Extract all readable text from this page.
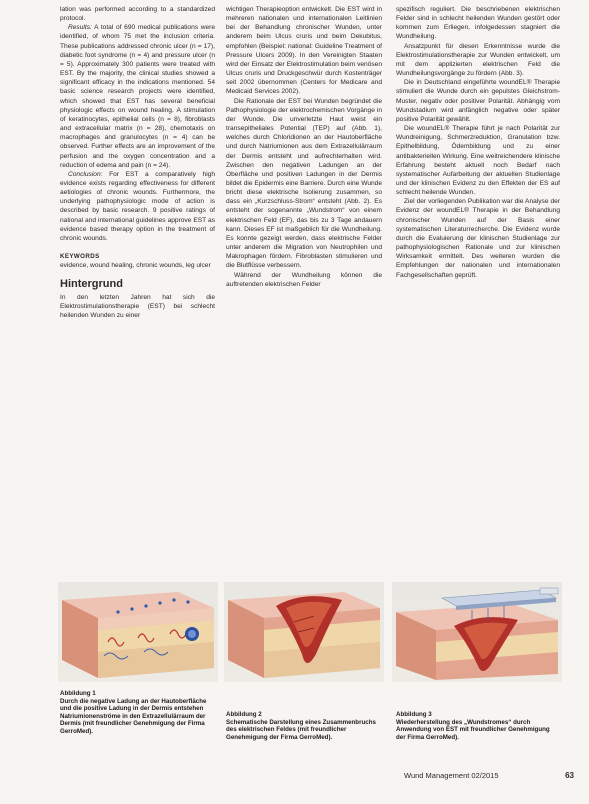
lation was performed according to a standardized protocol.

Results: A total of 690 medical publications were identified, of whom 75 met the inclusion criteria. These publications addressed chronic ulcer (n = 17), diabetic foot syndrome (n = 4) and pressure ulcer (n = 5). Approximately 300 patients were treated with EST. By the majority, the clinical studies showed a significant efficacy in the indications mentioned. 54 basic science research projects were identified, which showed that EST has several beneficial physiologic effects on wound healing. A stimulation of keratinocytes, epithelial cells (n = 8), fibroblasts and extracellular matrix (n = 28), chemotaxis on macrophages and granulocytes (n = 4) can be observed. Further effects are an improvement of the perfusion and the oxygen concentration and a reduction of edema and pain (n = 24).

Conclusion: For EST a comparatively high evidence exists regarding effectiveness for different aetiologies of chronic wounds. Furthermore, the underlying pathophysiologic mode of action is described by basic research. 9 positive ratings of national and international guidelines approve EST as evidence based therapy option in the treatment of chronic wounds.

KEYWORDS

evidence, wound healing, chronic wounds, leg ulcer

Hintergrund

In den letzten Jahren hat sich die Elektrostimulationstherapie (EST) bei schlecht heilenden Wunden zu einer

wichtigen Therapieoption entwickelt. Die EST wird in mehreren nationalen und internationalen Leitlinien bei der Behandlung chronischer Wunden, unter anderem beim Ulcus cruris und beim Dekubitus, empfohlen (Beispiel: national: Guideline Treatment of Pressure Ulcers 2009). In den Vereinigten Staaten wird der Einsatz der Elektrostimulation beim venösen Ulcus cruris und Druckgeschwür durch Kostenträger seit 2002 übernommen (Centers for Medicare and Medicaid Services 2002).

Die Rationale der EST bei Wunden begründet die Pathophysiologie der elektrochemischen Vorgänge in der Wunde. Die unverletzte Haut weist ein transepitheliales Potential (TEP) auf (Abb. 1), welches durch Chloridionen an der Hautoberfläche und durch Natriumionen aus dem Extrazellulärraum der Dermis entsteht und aufrechterhalten wird. Zwischen den negativen Ladungen an der Oberfläche und positiven Ladungen in der Dermis bildet die Epidermis eine Barriere. Durch eine Wunde bricht diese elektrische Isolierung zusammen, so dass ein „Kurzschluss-Strom“ entsteht (Abb. 2). Es entsteht der sogenannte „Wundstrom“ von einem elektrischen Feld (EF), das bis zu 3 Tage andauern kann. Dieses EF ist maßgeblich für die Wundheilung. Es konnte gezeigt werden, dass elektrische Felder unter anderem die Migration von Neutrophilen und Makrophagen fördern. Fibroblasten stimulieren und die Blutflüsse verbessern.

Während der Wundheilung können die auftretenden elektrischen Felder

spezifisch reguliert. Die beschriebenen elektrischen Felder sind in schlecht heilenden Wunden gestört oder kommen zum Erliegen, infolgedessen stagniert die Wundheilung.

Ansatzpunkt für diesen Erkenntnisse wurde die Elektrostimulationstherapie zur Wunden entwickelt, um mit dem applizierten elektrischen Feld die Wundheilungsvorgänge zu fördern (Abb. 3).

Die in Deutschland eingeführte woundEL® Therapie stimuliert die Wunde durch ein gepulstes Gleichstrom-Muster, negativ oder positiver Polarität. Abhängig vom Wundstadium wird anfänglich negative oder später positive Polarität gewählt.

Die woundEL® Therapie führt je nach Polarität zur Wundreinigung, Schmerzreduktion, Granulation bzw. Epithelbildung, Ödembildung und zu einer antibakteriellen Wirkung. Eine weitreichendere klinische Erfahrung besteht aktuell noch Bedarf nach systematischer Aufarbeitung der aktuellen Studienlage und der klinischen Evidenz zu den Effekten der ES auf schlecht heilende Wunden.

Ziel der vorliegenden Publikation war die Analyse der Evidenz der woundEL® Therapie in der Behandlung chronischer Wunden auf der Basis einer systematischen Literaturrecherche. Die Evidenz wurde durch die Evaluierung der klinischen Studienlage zur pathophysiologischen Rationale und zur klinischen Wirksamkeit ermittelt. Des weiteren wurden die Empfehlungen der nationalen und internationalen Fachgesellschaften geprüft.

Abbildung 1
Durch die negative Ladung an der Hautoberfläche und die positive Ladung in der Dermis entstehen Natriumionenströme in den Extrazellulärraum der Dermis (mit freundlicher Genehmigung der Firma GerroMed).
Abbildung 2
Schematische Darstellung eines Zusammenbruchs des elektrischen Feldes (mit freundlicher Genehmigung der Firma GerroMed).
Abbildung 3
Wiederherstellung des „Wundstromes“ durch Anwendung von EST mit freundlicher Genehmigung der Firma GerroMed).
Wund Management 02/2015	63
